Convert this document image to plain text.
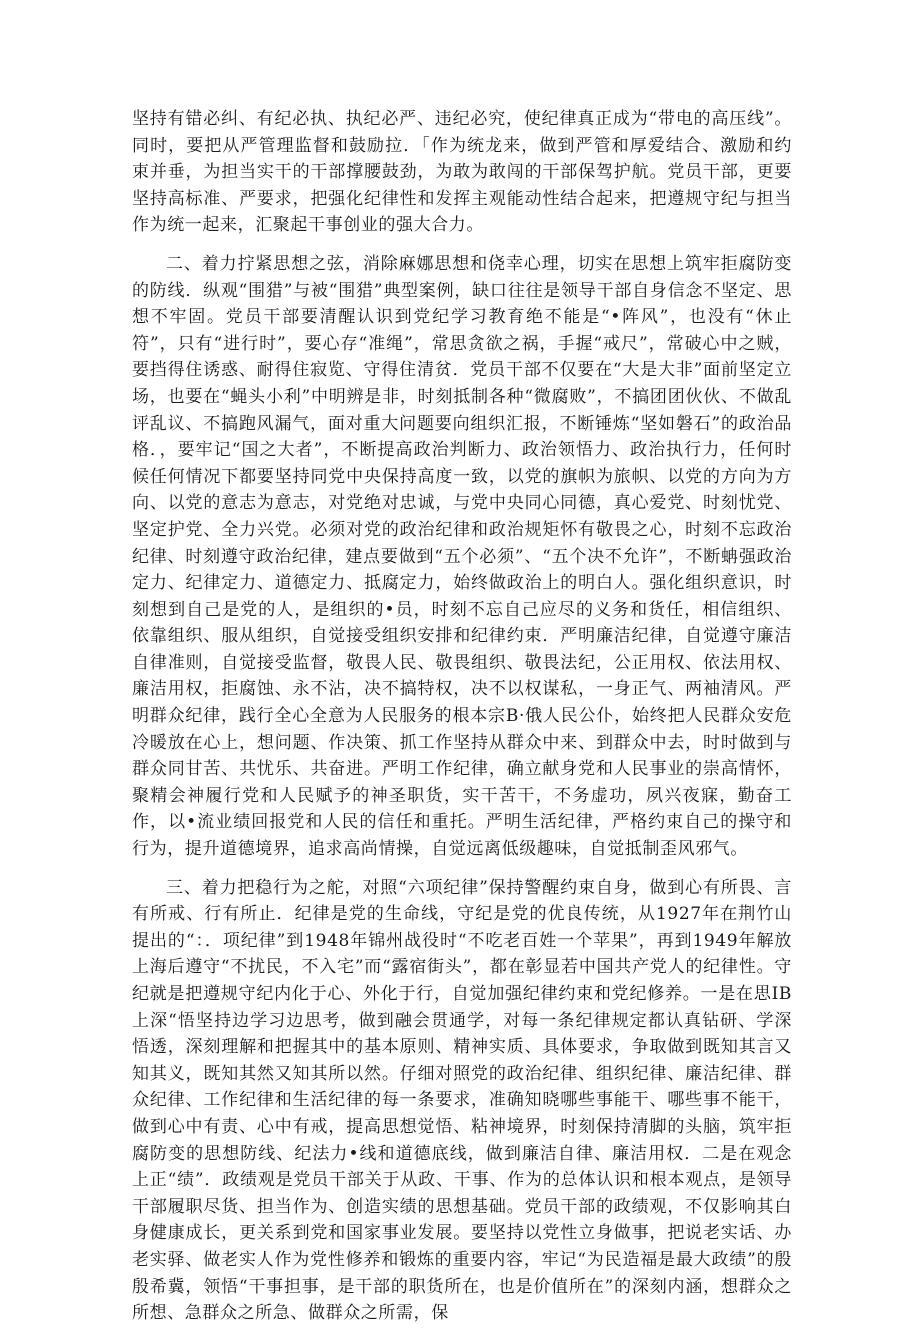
坚持有错必纠、有纪必执、执纪必严、违纪必究，使纪律真正成为“带电的高压线”。同时，要把从严管理监督和鼓励拉．「作为统龙来，做到严管和厚爱结合、激励和约束并垂，为担当实干的干部撑腰鼓劲，为敢为敢闯的干部保驾护航。党员干部，更要坚持高标准、严要求，把强化纪律性和发挥主观能动性结合起来，把遵规守纪与担当作为统一起来，汇聚起干事创业的强大合力。

二、着力拧紧思想之弦，消除麻娜思想和侥幸心理，切实在思想上筑牢拒腐防变的防线．纵观“围猎”与被“围猎”典型案例，缺口往往是领导干部自身信念不坚定、思想不牢固。党员干部要清醒认识到党纪学习教育绝不能是“•阵风”，也没有“休止符”，只有“进行时”，要心存“准绳”，常思贪欲之祸，手握“戒尺”，常破心中之贼，要挡得住诱惑、耐得住寂览、守得住清贫．党员干部不仅要在“大是大非”面前坚定立场，也要在“蝇头小利”中明辨是非，时刻抵制各种“微腐败”，不搞团团伙伙、不做乱评乱议、不搞跑风漏气，面对重大问题要向组织汇报，不断锤炼“坚如磐石”的政治品格．，要牢记“国之大者”，不断提高政治判断力、政治领悟力、政治执行力，任何时候任何情况下都要坚持同党中央保持高度一致，以党的旗帜为旅帜、以党的方向为方向、以党的意志为意志，对党绝对忠诚，与党中央同心同德，真心爱党、时刻忧党、坚定护党、全力兴党。必须对党的政治纪律和政治规矩怀有敬畏之心，时刻不忘政治纪律、时刻遵守政治纪律，建点要做到“五个必须”、“五个决不允许”，不断蚺强政治定力、纪律定力、道德定力、抵腐定力，始终做政治上的明白人。强化组织意识，时刻想到自己是党的人，是组织的•员，时刻不忘自己应尽的义务和货任，相信组织、依靠组织、服从组织，自觉接受组织安排和纪律约束．严明廉洁纪律，自觉遵守廉洁自律准则，自觉接受监督，敬畏人民、敬畏组织、敬畏法纪，公正用权、依法用权、廉洁用权，拒腐蚀、永不沾，决不搞特权，决不以权谋私，一身正气、两袖清风。严明群众纪律，践行全心全意为人民服务的根本宗B·俄人民公仆，始终把人民群众安危冷暖放在心上，想问题、作决策、抓工作坚持从群众中来、到群众中去，时时做到与群众同甘苦、共忧乐、共奋进。严明工作纪律，确立献身党和人民事业的崇高情怀，聚精会神履行党和人民赋予的神圣职货，实干苦干，不务虚功，夙兴夜寐，勤奋工作，以•流业绩回报党和人民的信任和重托。严明生活纪律，严格约束自己的操守和行为，提升道德境界，追求高尚情操，自觉远离低级趣味，自觉抵制歪风邪气。

三、着力把稳行为之舵，对照“六项纪律”保持警醒约束自身，做到心有所畏、言有所戒、行有所止．纪律是党的生命线，守纪是党的优良传统，从1927年在荆竹山提出的“：．项纪律”到1948年锦州战役时“不吃老百姓一个苹果”，再到1949年解放上海后遵守“不扰民，不入宅”而“露宿街头”，都在彰显若中国共产党人的纪律性。守纪就是把遵规守纪内化于心、外化于行，自觉加强纪律约束和党纪修养。一是在思IB上深“悟坚持边学习边思考，做到融会贯通学，对每一条纪律规定都认真钻研、学深悟透，深刻理解和把握其中的基本原则、精神实质、具体要求，争取做到既知其言又知其义，既知其然又知其所以然。仔细对照党的政治纪律、组织纪律、廉洁纪律、群众纪律、工作纪律和生活纪律的每一条要求，准确知晓哪些事能干、哪些事不能干，做到心中有责、心中有戒，提高思想觉悟、粘神境界，时刻保持清脚的头脑，筑牢拒腐防变的思想防线、纪法力•线和道德底线，做到廉洁自律、廉洁用权．二是在观念上正“绩”．政绩观是党员干部关于从政、干事、作为的总体认识和根本观点，是领导干部履职尽货、担当作为、创造实绩的思想基础。党员干部的政绩观，不仅影响其白身健康成长，更关系到党和国家事业发展。要坚持以党性立身做事，把说老实话、办老实驿、做老实人作为党性修养和锻炼的重要内容，牢记“为民造福是最大政绩”的殷殷希冀，领悟“干事担事，是干部的职货所在，也是价值所在”的深刻内涵，想群众之所想、急群众之所急、做群众之所需，保
